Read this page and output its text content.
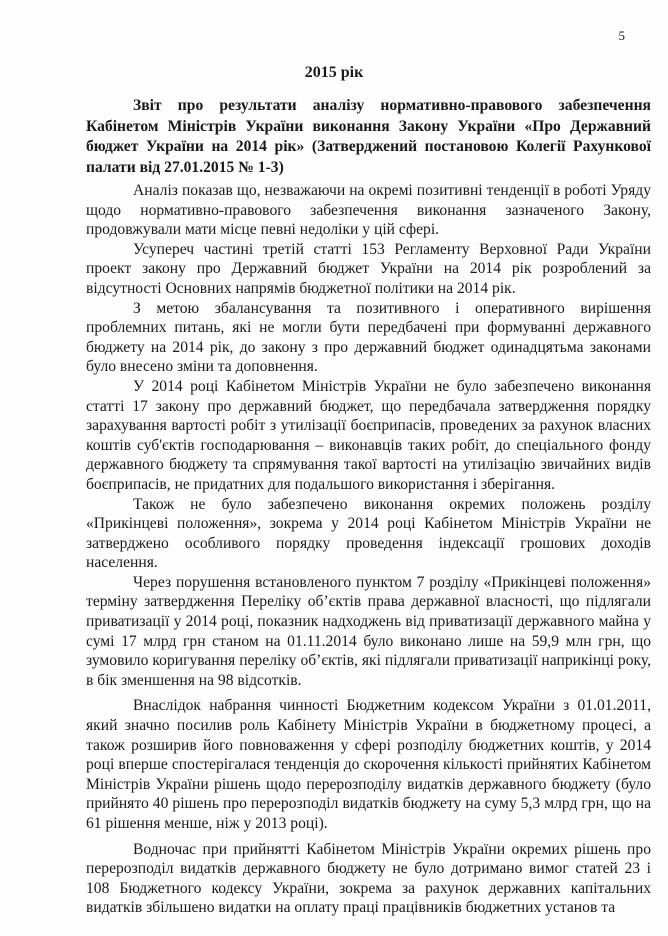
5
2015 рік
Звіт про результати аналізу нормативно-правового забезпечення Кабінетом Міністрів України виконання Закону України «Про Державний бюджет України на 2014 рік» (Затверджений постановою Колегії Рахункової палати від 27.01.2015 № 1-3)

Аналіз показав що, незважаючи на окремі позитивні тенденції в роботі Уряду щодо нормативно-правового забезпечення виконання зазначеного Закону, продовжували мати місце певні недоліки у цій сфері.

Усупереч частині третій статті 153 Регламенту Верховної Ради України проект закону про Державний бюджет України на 2014 рік розроблений за відсутності Основних напрямів бюджетної політики на 2014 рік.

З метою збалансування та позитивного і оперативного вирішення проблемних питань, які не могли бути передбачені при формуванні державного бюджету на 2014 рік, до закону з про державний бюджет одинадцятьма законами було внесено зміни та доповнення.

У 2014 році Кабінетом Міністрів України не було забезпечено виконання статті 17 закону про державний бюджет, що передбачала затвердження порядку зарахування вартості робіт з утилізації боєприпасів, проведених за рахунок власних коштів суб'єктів господарювання – виконавців таких робіт, до спеціального фонду державного бюджету та спрямування такої вартості на утилізацію звичайних видів боєприпасів, не придатних для подальшого використання і зберігання.

Також не було забезпечено виконання окремих положень розділу «Прикінцеві положення», зокрема у 2014 році Кабінетом Міністрів України не затверджено особливого порядку проведення індексації грошових доходів населення.

Через порушення встановленого пунктом 7 розділу «Прикінцеві положення» терміну затвердження Переліку об’єктів права державної власності, що підлягали приватизації у 2014 році, показник надходжень від приватизації державного майна у сумі 17 млрд грн станом на 01.11.2014 було виконано лише на 59,9 млн грн, що зумовило коригування переліку об’єктів, які підлягали приватизації наприкінці року, в бік зменшення на 98 відсотків.

Внаслідок набрання чинності Бюджетним кодексом України з 01.01.2011, який значно посилив роль Кабінету Міністрів України в бюджетному процесі, а також розширив його повноваження у сфері розподілу бюджетних коштів, у 2014 році вперше спостерігалася тенденція до скорочення кількості прийнятих Кабінетом Міністрів України рішень щодо перерозподілу видатків державного бюджету (було прийнято 40 рішень про перерозподіл видатків бюджету на суму 5,3 млрд грн, що на 61 рішення менше, ніж у 2013 році).

Водночас при прийнятті Кабінетом Міністрів України окремих рішень про перерозподіл видатків державного бюджету не було дотримано вимог статей 23 і 108 Бюджетного кодексу України, зокрема за рахунок державних капітальних видатків збільшено видатки на оплату праці працівників бюджетних установ та
